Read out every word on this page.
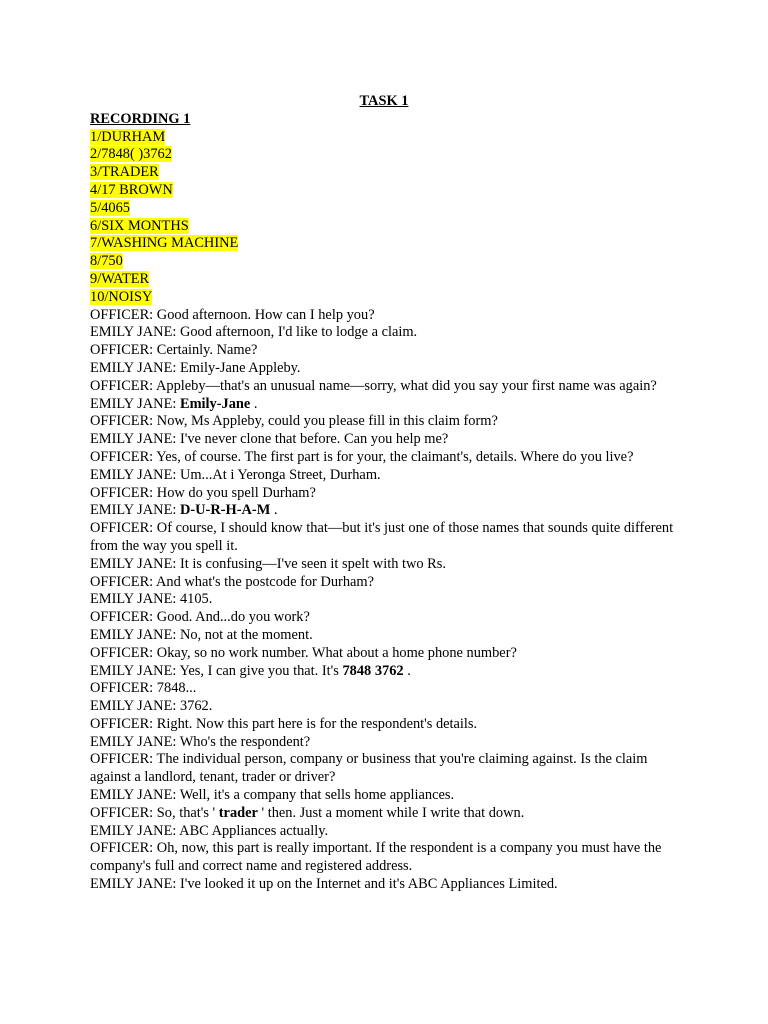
TASK 1
RECORDING 1
1/DURHAM
2/7848( )3762
3/TRADER
4/17 BROWN
5/4065
6/SIX MONTHS
7/WASHING MACHINE
8/750
9/WATER
10/NOISY
OFFICER: Good afternoon. How can I help you?
EMILY JANE: Good afternoon, I'd like to lodge a claim.
OFFICER: Certainly. Name?
EMILY JANE: Emily-Jane Appleby.
OFFICER: Appleby—that's an unusual name—sorry, what did you say your first name was again?
EMILY JANE: Emily-Jane .
OFFICER: Now, Ms Appleby, could you please fill in this claim form?
EMILY JANE: I've never clone that before. Can you help me?
OFFICER: Yes, of course. The first part is for your, the claimant's, details. Where do you live?
EMILY JANE: Um...At i Yeronga Street, Durham.
OFFICER: How do you spell Durham?
EMILY JANE: D-U-R-H-A-M .
OFFICER: Of course, I should know that—but it's just one of those names that sounds quite different from the way you spell it.
EMILY JANE: It is confusing—I've seen it spelt with two Rs.
OFFICER: And what's the postcode for Durham?
EMILY JANE: 4105.
OFFICER: Good. And...do you work?
EMILY JANE: No, not at the moment.
OFFICER: Okay, so no work number. What about a home phone number?
EMILY JANE: Yes, I can give you that. It's 7848 3762 .
OFFICER: 7848...
EMILY JANE: 3762.
OFFICER: Right. Now this part here is for the respondent's details.
EMILY JANE: Who's the respondent?
OFFICER: The individual person, company or business that you're claiming against. Is the claim against a landlord, tenant, trader or driver?
EMILY JANE: Well, it's a company that sells home appliances.
OFFICER: So, that's ' trader ' then. Just a moment while I write that down.
EMILY JANE: ABC Appliances actually.
OFFICER: Oh, now, this part is really important. If the respondent is a company you must have the company's full and correct name and registered address.
EMILY JANE: I've looked it up on the Internet and it's ABC Appliances Limited.
